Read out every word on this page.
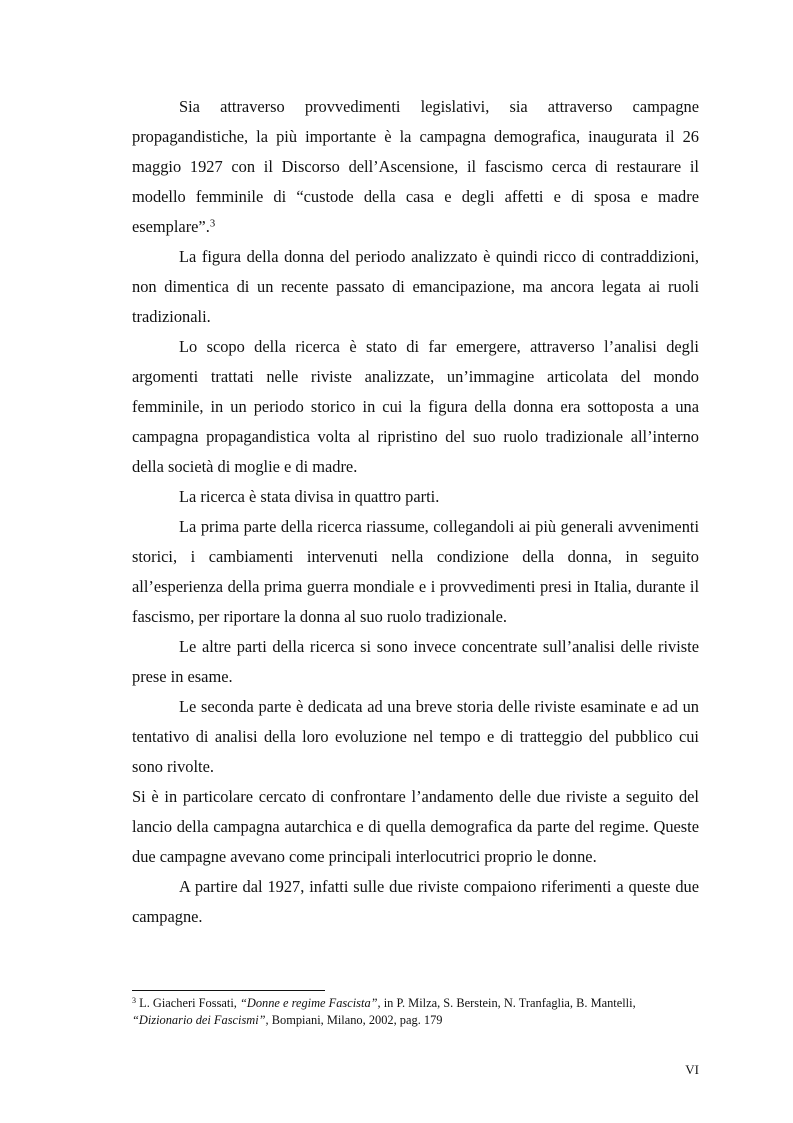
Sia attraverso provvedimenti legislativi, sia attraverso campagne propagandistiche, la più importante è la campagna demografica, inaugurata il 26 maggio 1927 con il Discorso dell’Ascensione, il fascismo cerca di restaurare il modello femminile di “custode della casa e degli affetti e di sposa e madre esemplare”.$^3$

La figura della donna del periodo analizzato è quindi ricco di contraddizioni, non dimentica di un recente passato di emancipazione, ma ancora legata ai ruoli tradizionali.

Lo scopo della ricerca è stato di far emergere, attraverso l’analisi degli argomenti trattati nelle riviste analizzate, un’immagine articolata del mondo femminile, in un periodo storico in cui la figura della donna era sottoposta a una campagna propagandistica volta al ripristino del suo ruolo tradizionale all’interno della società di moglie e di madre.

La ricerca è stata divisa in quattro parti.

La prima parte della ricerca riassume, collegandoli ai più generali avvenimenti storici, i cambiamenti intervenuti nella condizione della donna, in seguito all’esperienza della prima guerra mondiale e i provvedimenti presi in Italia, durante il fascismo, per riportare la donna al suo ruolo tradizionale.

Le altre parti della ricerca si sono invece concentrate sull’analisi delle riviste prese in esame.

Le seconda parte è dedicata ad una breve storia delle riviste esaminate e ad un tentativo di analisi della loro evoluzione nel tempo e di tratteggio del pubblico cui sono rivolte.

Si è in particolare cercato di confrontare l’andamento delle due riviste a seguito del lancio della campagna autarchica e di quella demografica da parte del regime. Queste due campagne avevano come principali interlocutrici proprio le donne.

A partire dal 1927, infatti sulle due riviste compaiono riferimenti a queste due campagne.

$^3$ L. Giacheri Fossati, “Donne e regime Fascista”, in P. Milza, S. Berstein, N. Tranfaglia, B. Mantelli, “Dizionario dei Fascismi”, Bompiani, Milano, 2002, pag. 179
VI
